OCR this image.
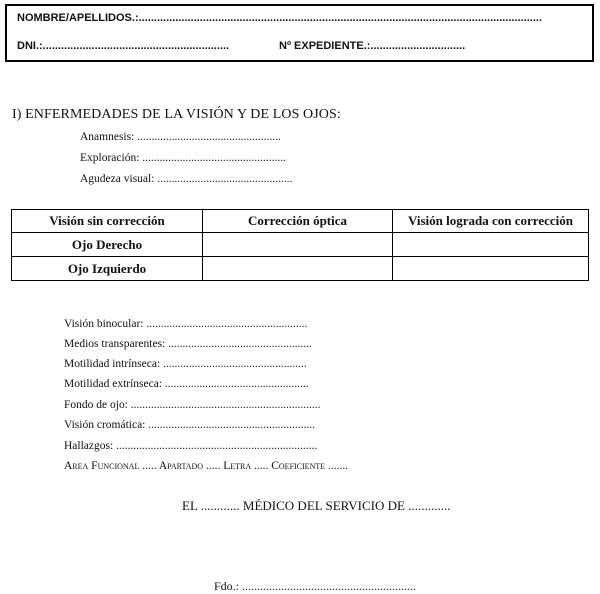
NOMBRE/APELLIDOS.:....................................................................................................................................
DNI.:.............................................................	Nº EXPEDIENTE.:...............................
I) ENFERMEDADES DE LA VISIÓN Y DE LOS OJOS:
Anamnesis: ..................................................
Exploración: ..................................................
Agudeza visual: ...............................................
Visión sin corrección	Corrección óptica	Visión lograda con corrección
Ojo Derecho		
Ojo Izquierdo		
Visión binocular: ........................................................
Medios transparentes: ..................................................
Motilidad intrínseca: ..................................................
Motilidad extrínseca: ..................................................
Fondo de ojo: ..................................................................
Visión cromática: ..........................................................
Hallazgos: ......................................................................
Area Funcional ..... Apartado ..... Letra ..... Coeficiente .......
EL ............ MÉDICO DEL SERVICIO DE .............
Fdo.: ..........................................................
